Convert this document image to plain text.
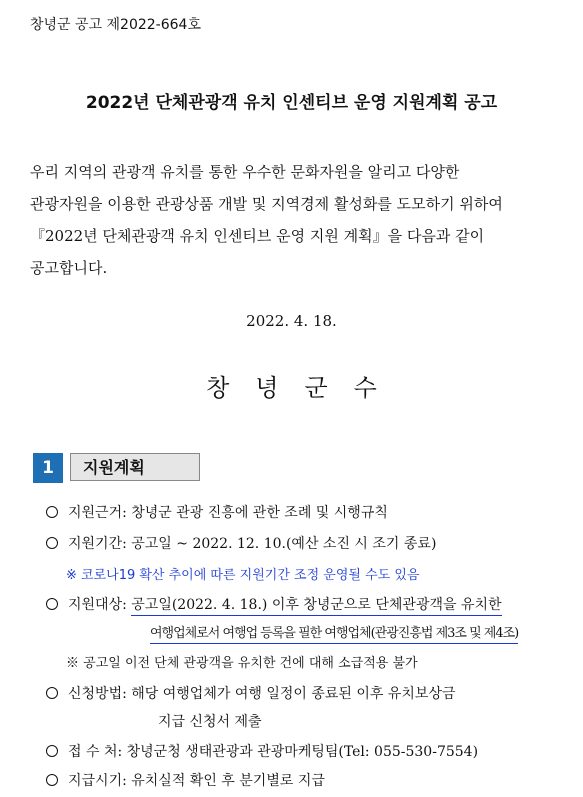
창녕군 공고 제2022-664호
2022년 단체관광객 유치 인센티브 운영 지원계획 공고
우리 지역의 관광객 유치를 통한 우수한 문화자원을 알리고 다양한
관광자원을 이용한 관광상품 개발 및 지역경제 활성화를 도모하기 위하여
『2022년 단체관광객 유치 인센티브 운영 지원 계획』을 다음과 같이
공고합니다.
2022. 4. 18.
창녕군수
1	지원계획
지원근거: 창녕군 관광 진흥에 관한 조례 및 시행규칙
지원기간: 공고일 ~ 2022. 12. 10.(예산 소진 시 조기 종료)
※ 코로나19 확산 추이에 따른 지원기간 조정 운영될 수도 있음
지원대상: 공고일(2022. 4. 18.) 이후 창녕군으로 단체관광객을 유치한
여행업체로서 여행업 등록을 필한 여행업체(관광진흥법 제3조 및 제4조)
※ 공고일 이전 단체 관광객을 유치한 건에 대해 소급적용 불가
신청방법: 해당 여행업체가 여행 일정이 종료된 이후 유치보상금
지급 신청서 제출
접 수 처: 창녕군청 생태관광과 관광마케팅팀(Tel: 055-530-7554)
지급시기: 유치실적 확인 후 분기별로 지급
